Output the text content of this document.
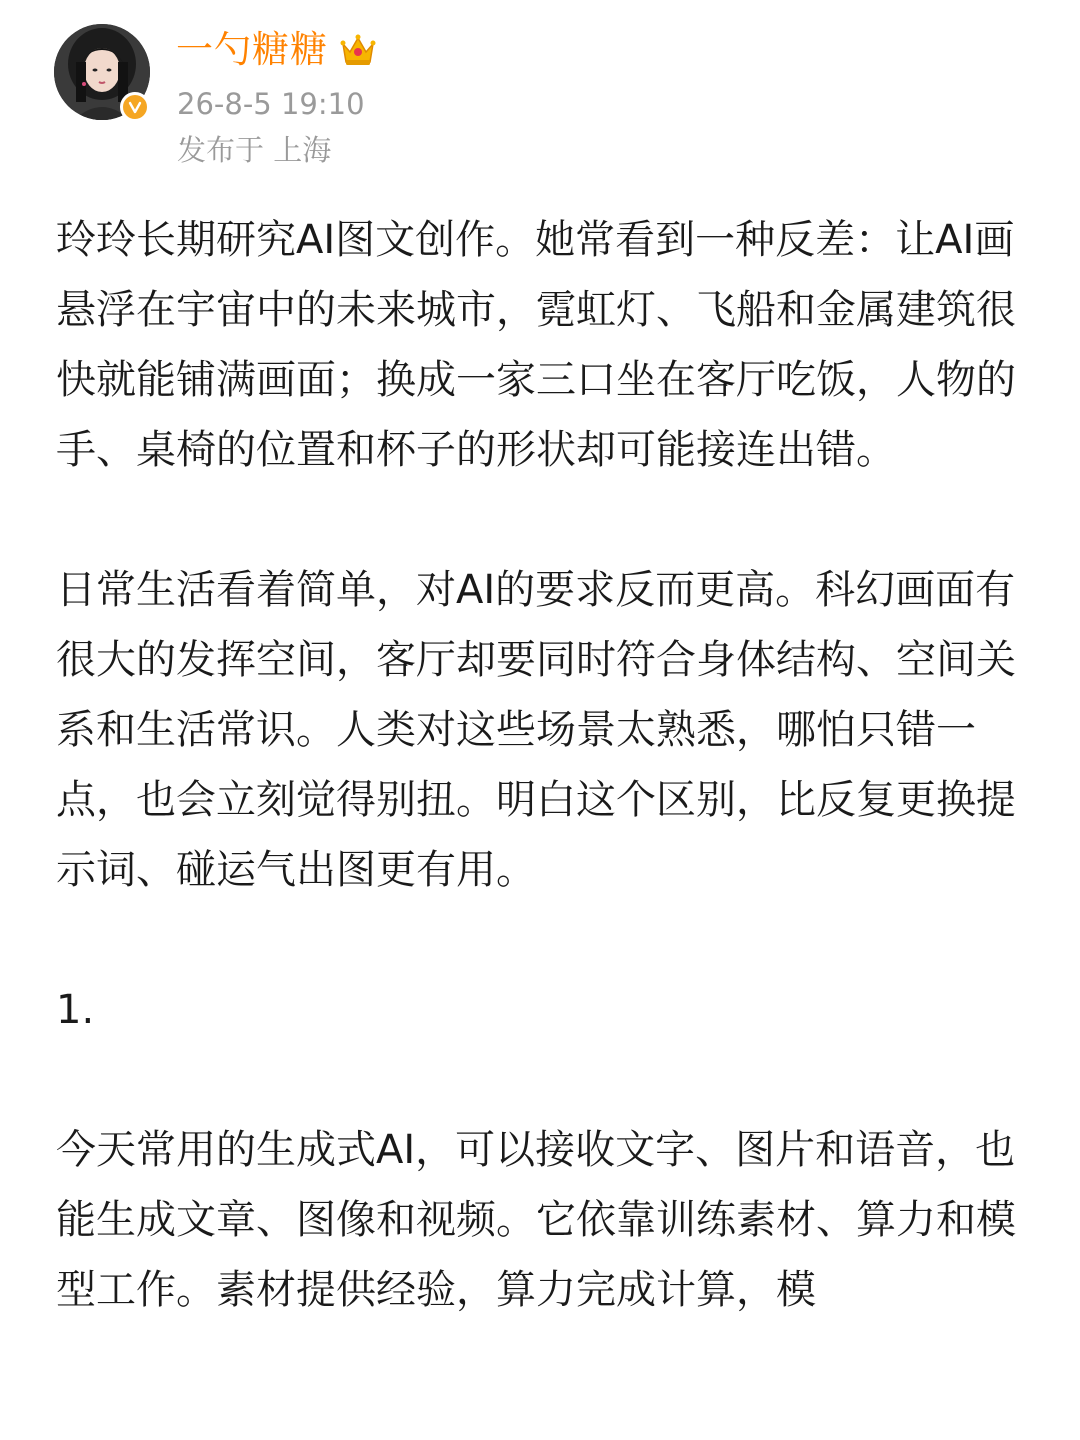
一勺糖糖
26-8-5 19:10
发布于 上海

玲玲长期研究AI图文创作。她常看到一种反差：让AI画悬浮在宇宙中的未来城市，霓虹灯、飞船和金属建筑很快就能铺满画面；换成一家三口坐在客厅吃饭，人物的手、桌椅的位置和杯子的形状却可能接连出错。

日常生活看着简单，对AI的要求反而更高。科幻画面有很大的发挥空间，客厅却要同时符合身体结构、空间关系和生活常识。人类对这些场景太熟悉，哪怕只错一点，也会立刻觉得别扭。明白这个区别，比反复更换提示词、碰运气出图更有用。

1.

今天常用的生成式AI，可以接收文字、图片和语音，也能生成文章、图像和视频。它依靠训练素材、算力和模型工作。素材提供经验，算力完成计算，模
